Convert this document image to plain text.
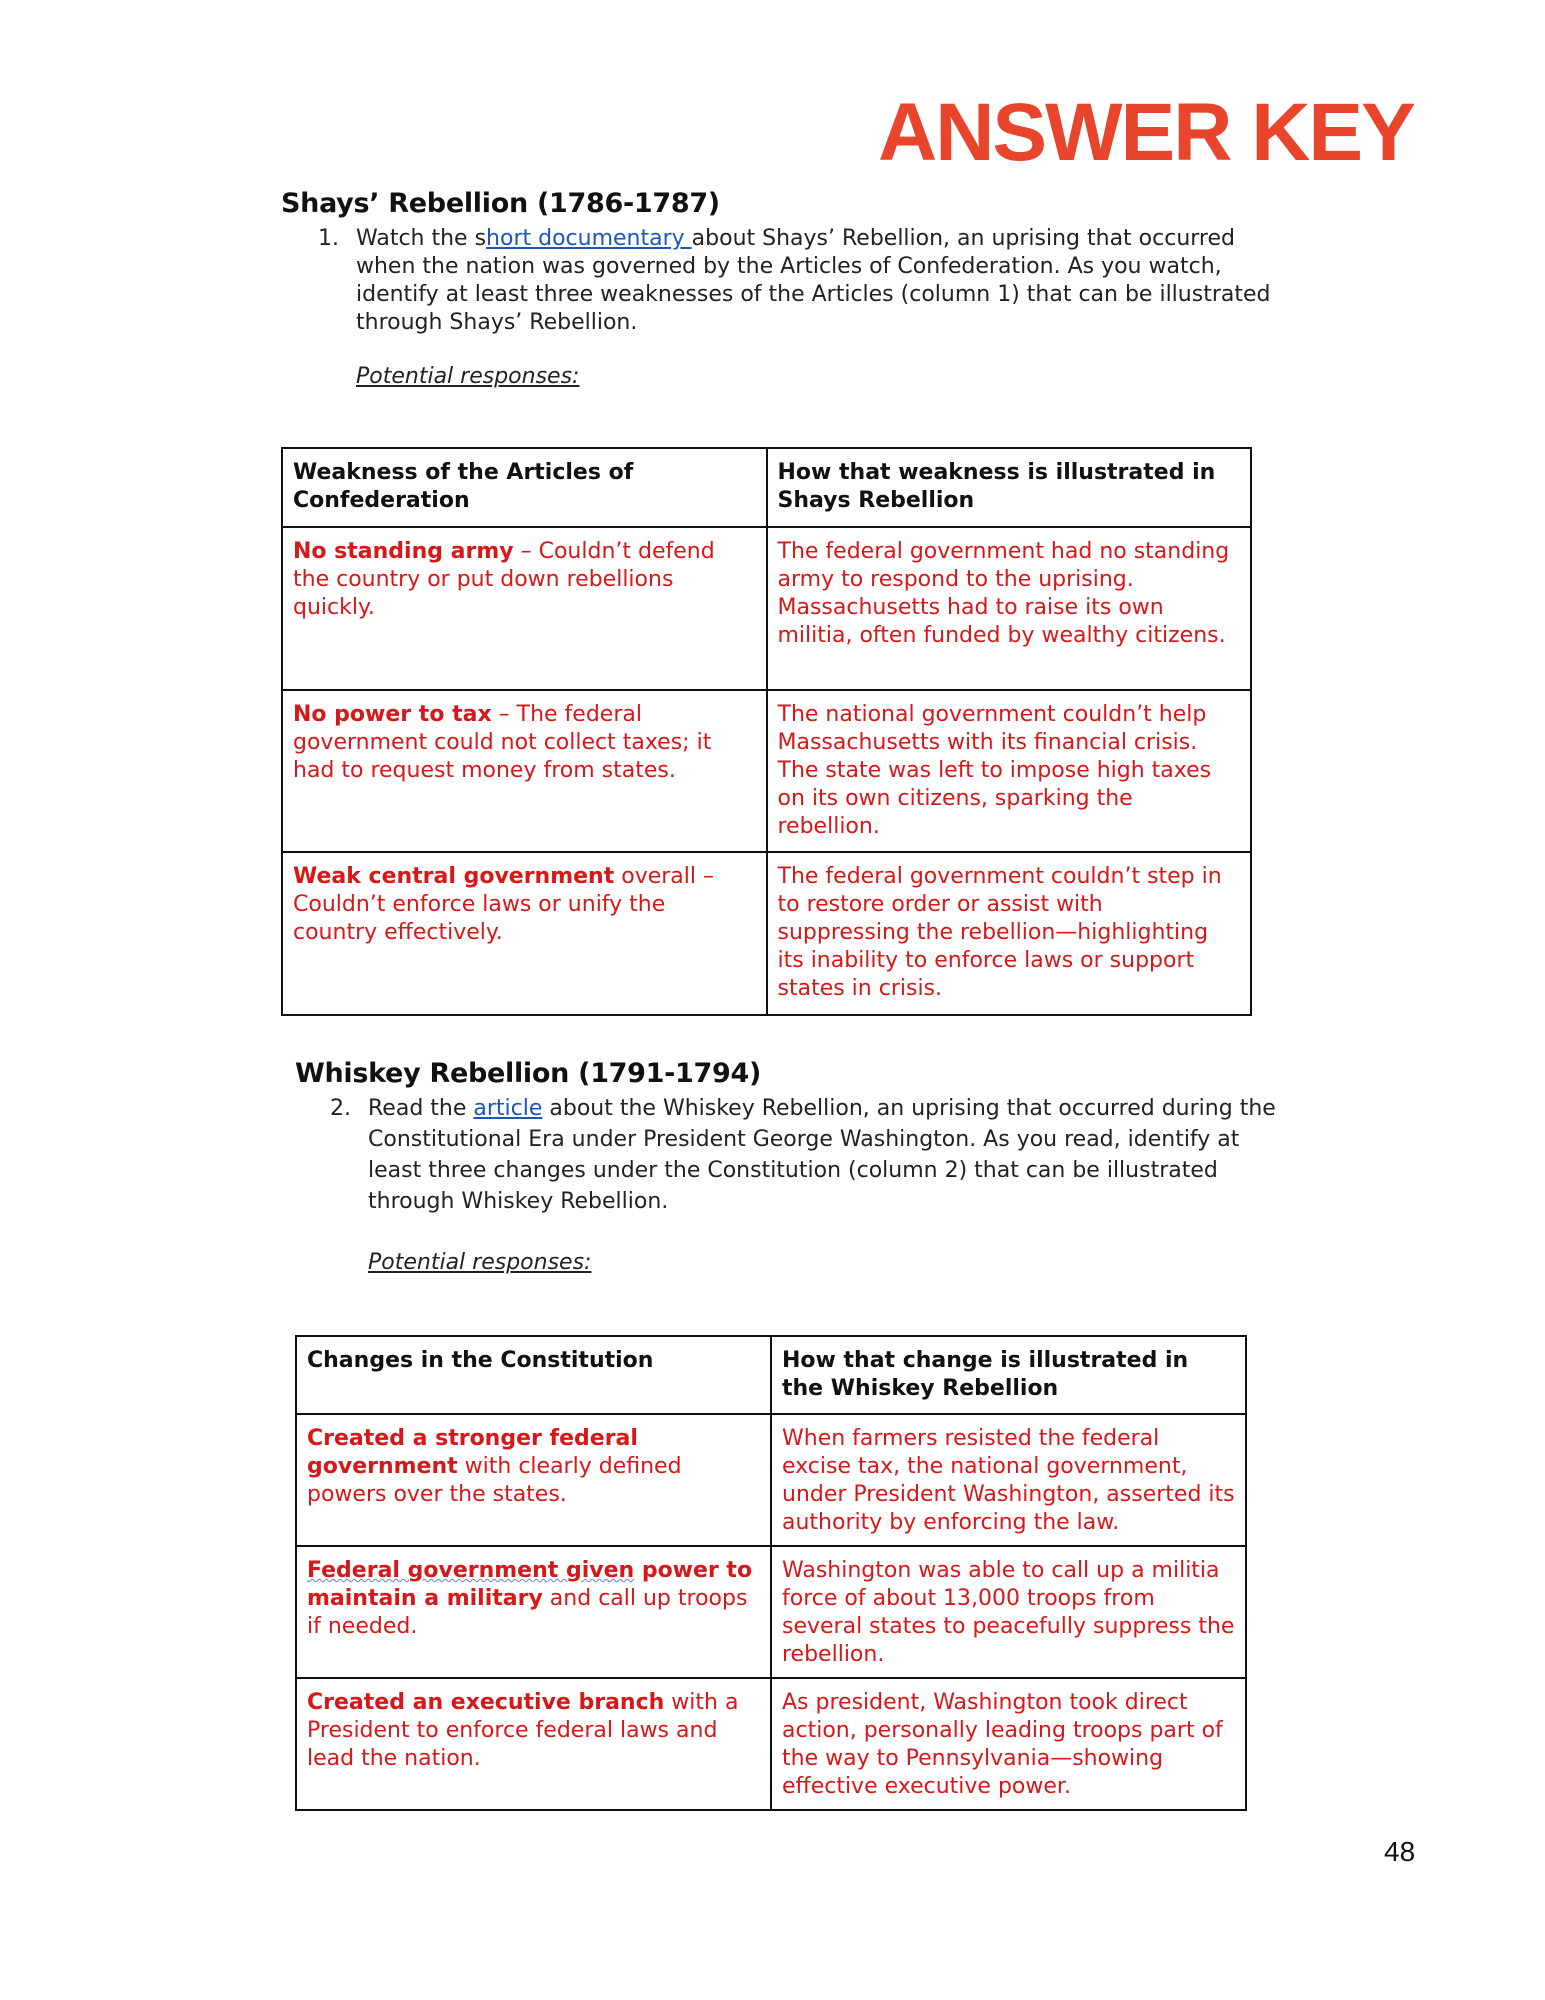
ANSWER KEY
Shays’ Rebellion (1786-1787)
1. Watch the short documentary about Shays’ Rebellion, an uprising that occurred when the nation was governed by the Articles of Confederation. As you watch, identify at least three weaknesses of the Articles (column 1) that can be illustrated through Shays’ Rebellion.
Potential responses:
Weakness of the Articles of Confederation	How that weakness is illustrated in Shays Rebellion
No standing army – Couldn’t defend the country or put down rebellions quickly.	The federal government had no standing army to respond to the uprising. Massachusetts had to raise its own militia, often funded by wealthy citizens.
No power to tax – The federal government could not collect taxes; it had to request money from states.	The national government couldn’t help Massachusetts with its financial crisis. The state was left to impose high taxes on its own citizens, sparking the rebellion.
Weak central government overall – Couldn’t enforce laws or unify the country effectively.	The federal government couldn’t step in to restore order or assist with suppressing the rebellion—highlighting its inability to enforce laws or support states in crisis.
Whiskey Rebellion (1791-1794)
2. Read the article about the Whiskey Rebellion, an uprising that occurred during the Constitutional Era under President George Washington. As you read, identify at least three changes under the Constitution (column 2) that can be illustrated through Whiskey Rebellion.
Potential responses:
Changes in the Constitution	How that change is illustrated in the Whiskey Rebellion
Created a stronger federal government with clearly defined powers over the states.	When farmers resisted the federal excise tax, the national government, under President Washington, asserted its authority by enforcing the law.
Federal government given power to maintain a military and call up troops if needed.	Washington was able to call up a militia force of about 13,000 troops from several states to peacefully suppress the rebellion.
Created an executive branch with a President to enforce federal laws and lead the nation.	As president, Washington took direct action, personally leading troops part of the way to Pennsylvania—showing effective executive power.
48
